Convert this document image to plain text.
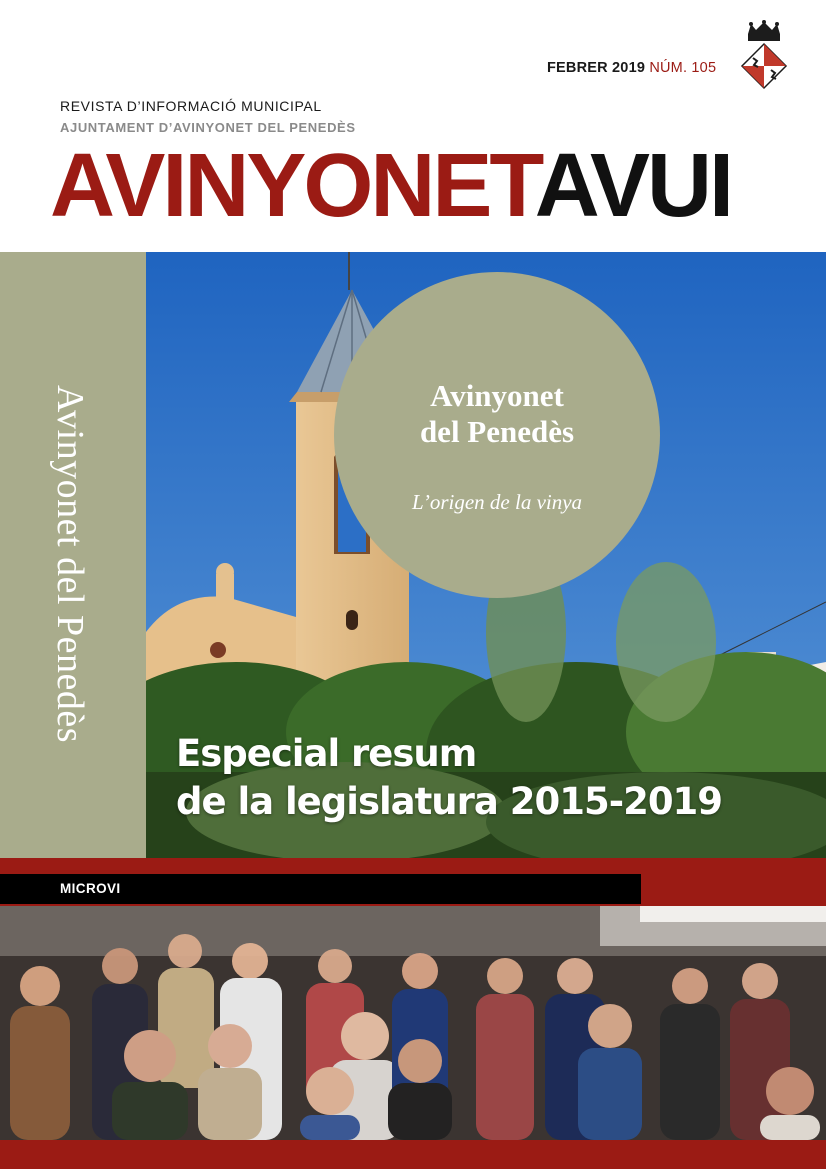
FEBRER 2019 NÚM. 105
REVISTA D’INFORMACIÓ MUNICIPAL
AJUNTAMENT D’AVINYONET DEL PENEDÈS
AVINYONETAVUI
Avinyonet del Penedès	Avinyonet
del Penedès
L’origen de la vinya
Especial resum
de la legislatura 2015-2019
MICROVI
